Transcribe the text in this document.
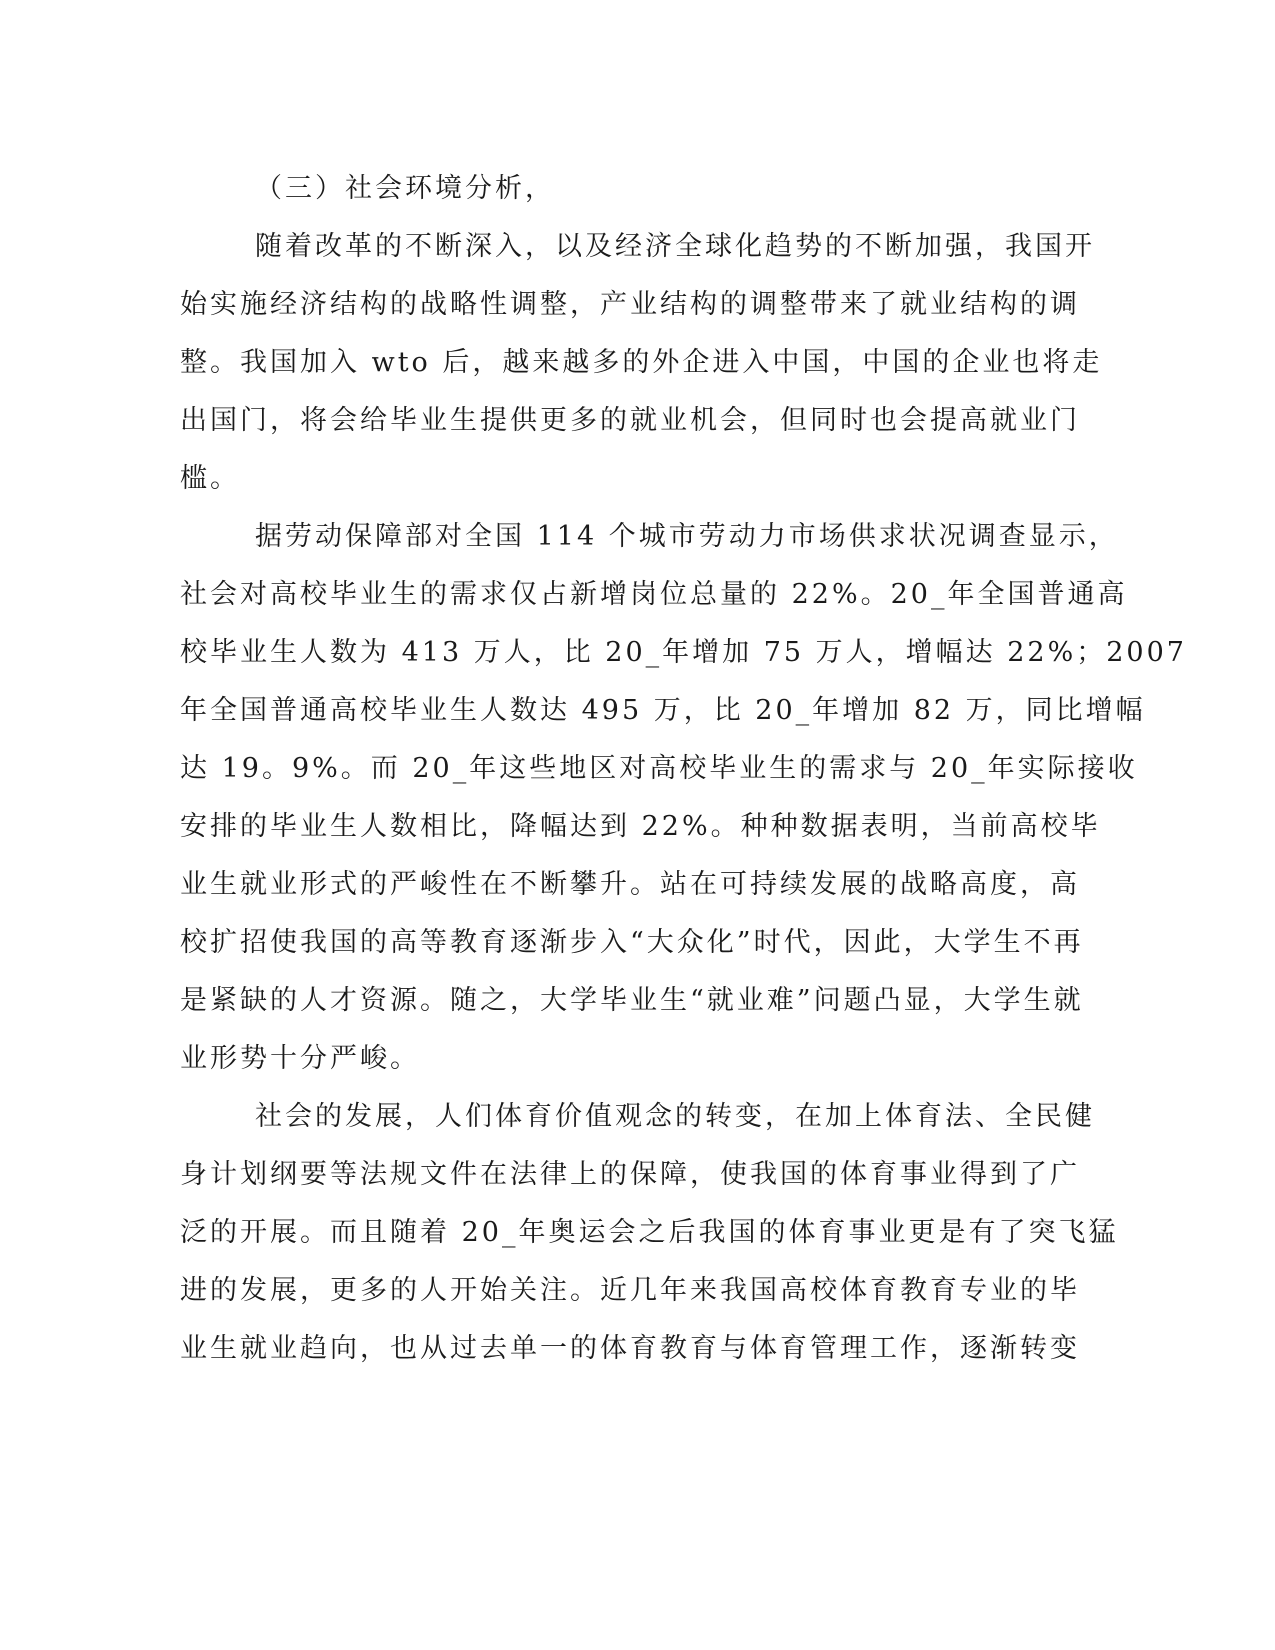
（三）社会环境分析，
随着改革的不断深入，以及经济全球化趋势的不断加强，我国开
始实施经济结构的战略性调整，产业结构的调整带来了就业结构的调
整。我国加入 wto 后，越来越多的外企进入中国，中国的企业也将走
出国门，将会给毕业生提供更多的就业机会，但同时也会提高就业门
槛。
据劳动保障部对全国 114 个城市劳动力市场供求状况调查显示，
社会对高校毕业生的需求仅占新增岗位总量的 22%。20_年全国普通高
校毕业生人数为 413 万人，比 20_年增加 75 万人，增幅达 22%；2007
年全国普通高校毕业生人数达 495 万，比 20_年增加 82 万，同比增幅
达 19。9%。而 20_年这些地区对高校毕业生的需求与 20_年实际接收
安排的毕业生人数相比，降幅达到 22%。种种数据表明，当前高校毕
业生就业形式的严峻性在不断攀升。站在可持续发展的战略高度，高
校扩招使我国的高等教育逐渐步入“大众化”时代，因此，大学生不再
是紧缺的人才资源。随之，大学毕业生“就业难”问题凸显，大学生就
业形势十分严峻。
社会的发展，人们体育价值观念的转变，在加上体育法、全民健
身计划纲要等法规文件在法律上的保障，使我国的体育事业得到了广
泛的开展。而且随着 20_年奥运会之后我国的体育事业更是有了突飞猛
进的发展，更多的人开始关注。近几年来我国高校体育教育专业的毕
业生就业趋向，也从过去单一的体育教育与体育管理工作，逐渐转变
